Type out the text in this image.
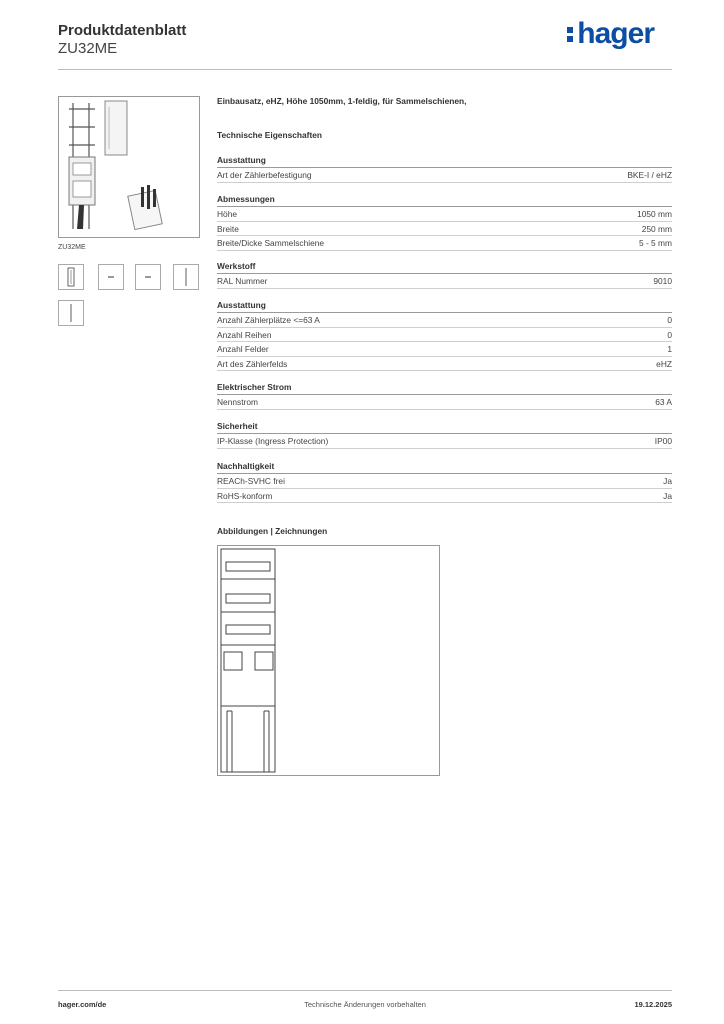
Produktdatenblatt
ZU32ME	hager
ZU32ME
Einbausatz, eHZ, Höhe 1050mm, 1-feldig, für Sammelschienen,
Technische Eigenschaften
Ausstattung
Art der Zählerbefestigung	BKE-I / eHZ
Abmessungen
Höhe	1050 mm
Breite	250 mm
Breite/Dicke Sammelschiene	5 - 5 mm
Werkstoff
RAL Nummer	9010
Ausstattung
Anzahl Zählerplätze <=63 A	0
Anzahl Reihen	0
Anzahl Felder	1
Art des Zählerfelds	eHZ
Elektrischer Strom
Nennstrom	63 A
Sicherheit
IP-Klasse (Ingress Protection)	IP00
Nachhaltigkeit
REACh-SVHC frei	Ja
RoHS-konform	Ja
Abbildungen | Zeichnungen
hager.com/de	Technische Änderungen vorbehalten	19.12.2025
